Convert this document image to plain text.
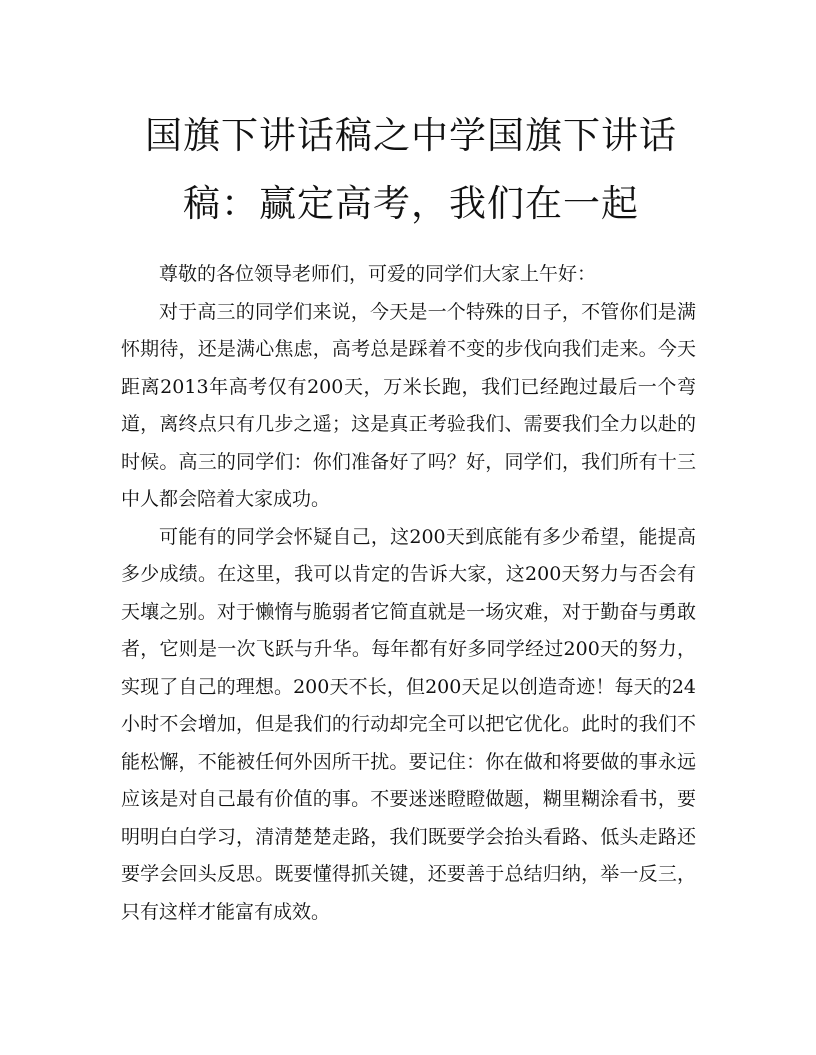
国旗下讲话稿之中学国旗下讲话稿：赢定高考，我们在一起

尊敬的各位领导老师们，可爱的同学们大家上午好：

对于高三的同学们来说，今天是一个特殊的日子，不管你们是满怀期待，还是满心焦虑，高考总是踩着不变的步伐向我们走来。今天距离2013年高考仅有200天，万米长跑，我们已经跑过最后一个弯道，离终点只有几步之遥；这是真正考验我们、需要我们全力以赴的时候。高三的同学们：你们准备好了吗？好，同学们，我们所有十三中人都会陪着大家成功。

可能有的同学会怀疑自己，这200天到底能有多少希望，能提高多少成绩。在这里，我可以肯定的告诉大家，这200天努力与否会有天壤之别。对于懒惰与脆弱者它简直就是一场灾难，对于勤奋与勇敢者，它则是一次飞跃与升华。每年都有好多同学经过200天的努力，实现了自己的理想。200天不长，但200天足以创造奇迹！每天的24小时不会增加，但是我们的行动却完全可以把它优化。此时的我们不能松懈，不能被任何外因所干扰。要记住：你在做和将要做的事永远应该是对自己最有价值的事。不要迷迷瞪瞪做题，糊里糊涂看书，要明明白白学习，清清楚楚走路，我们既要学会抬头看路、低头走路还要学会回头反思。既要懂得抓关键，还要善于总结归纳，举一反三，只有这样才能富有成效。
